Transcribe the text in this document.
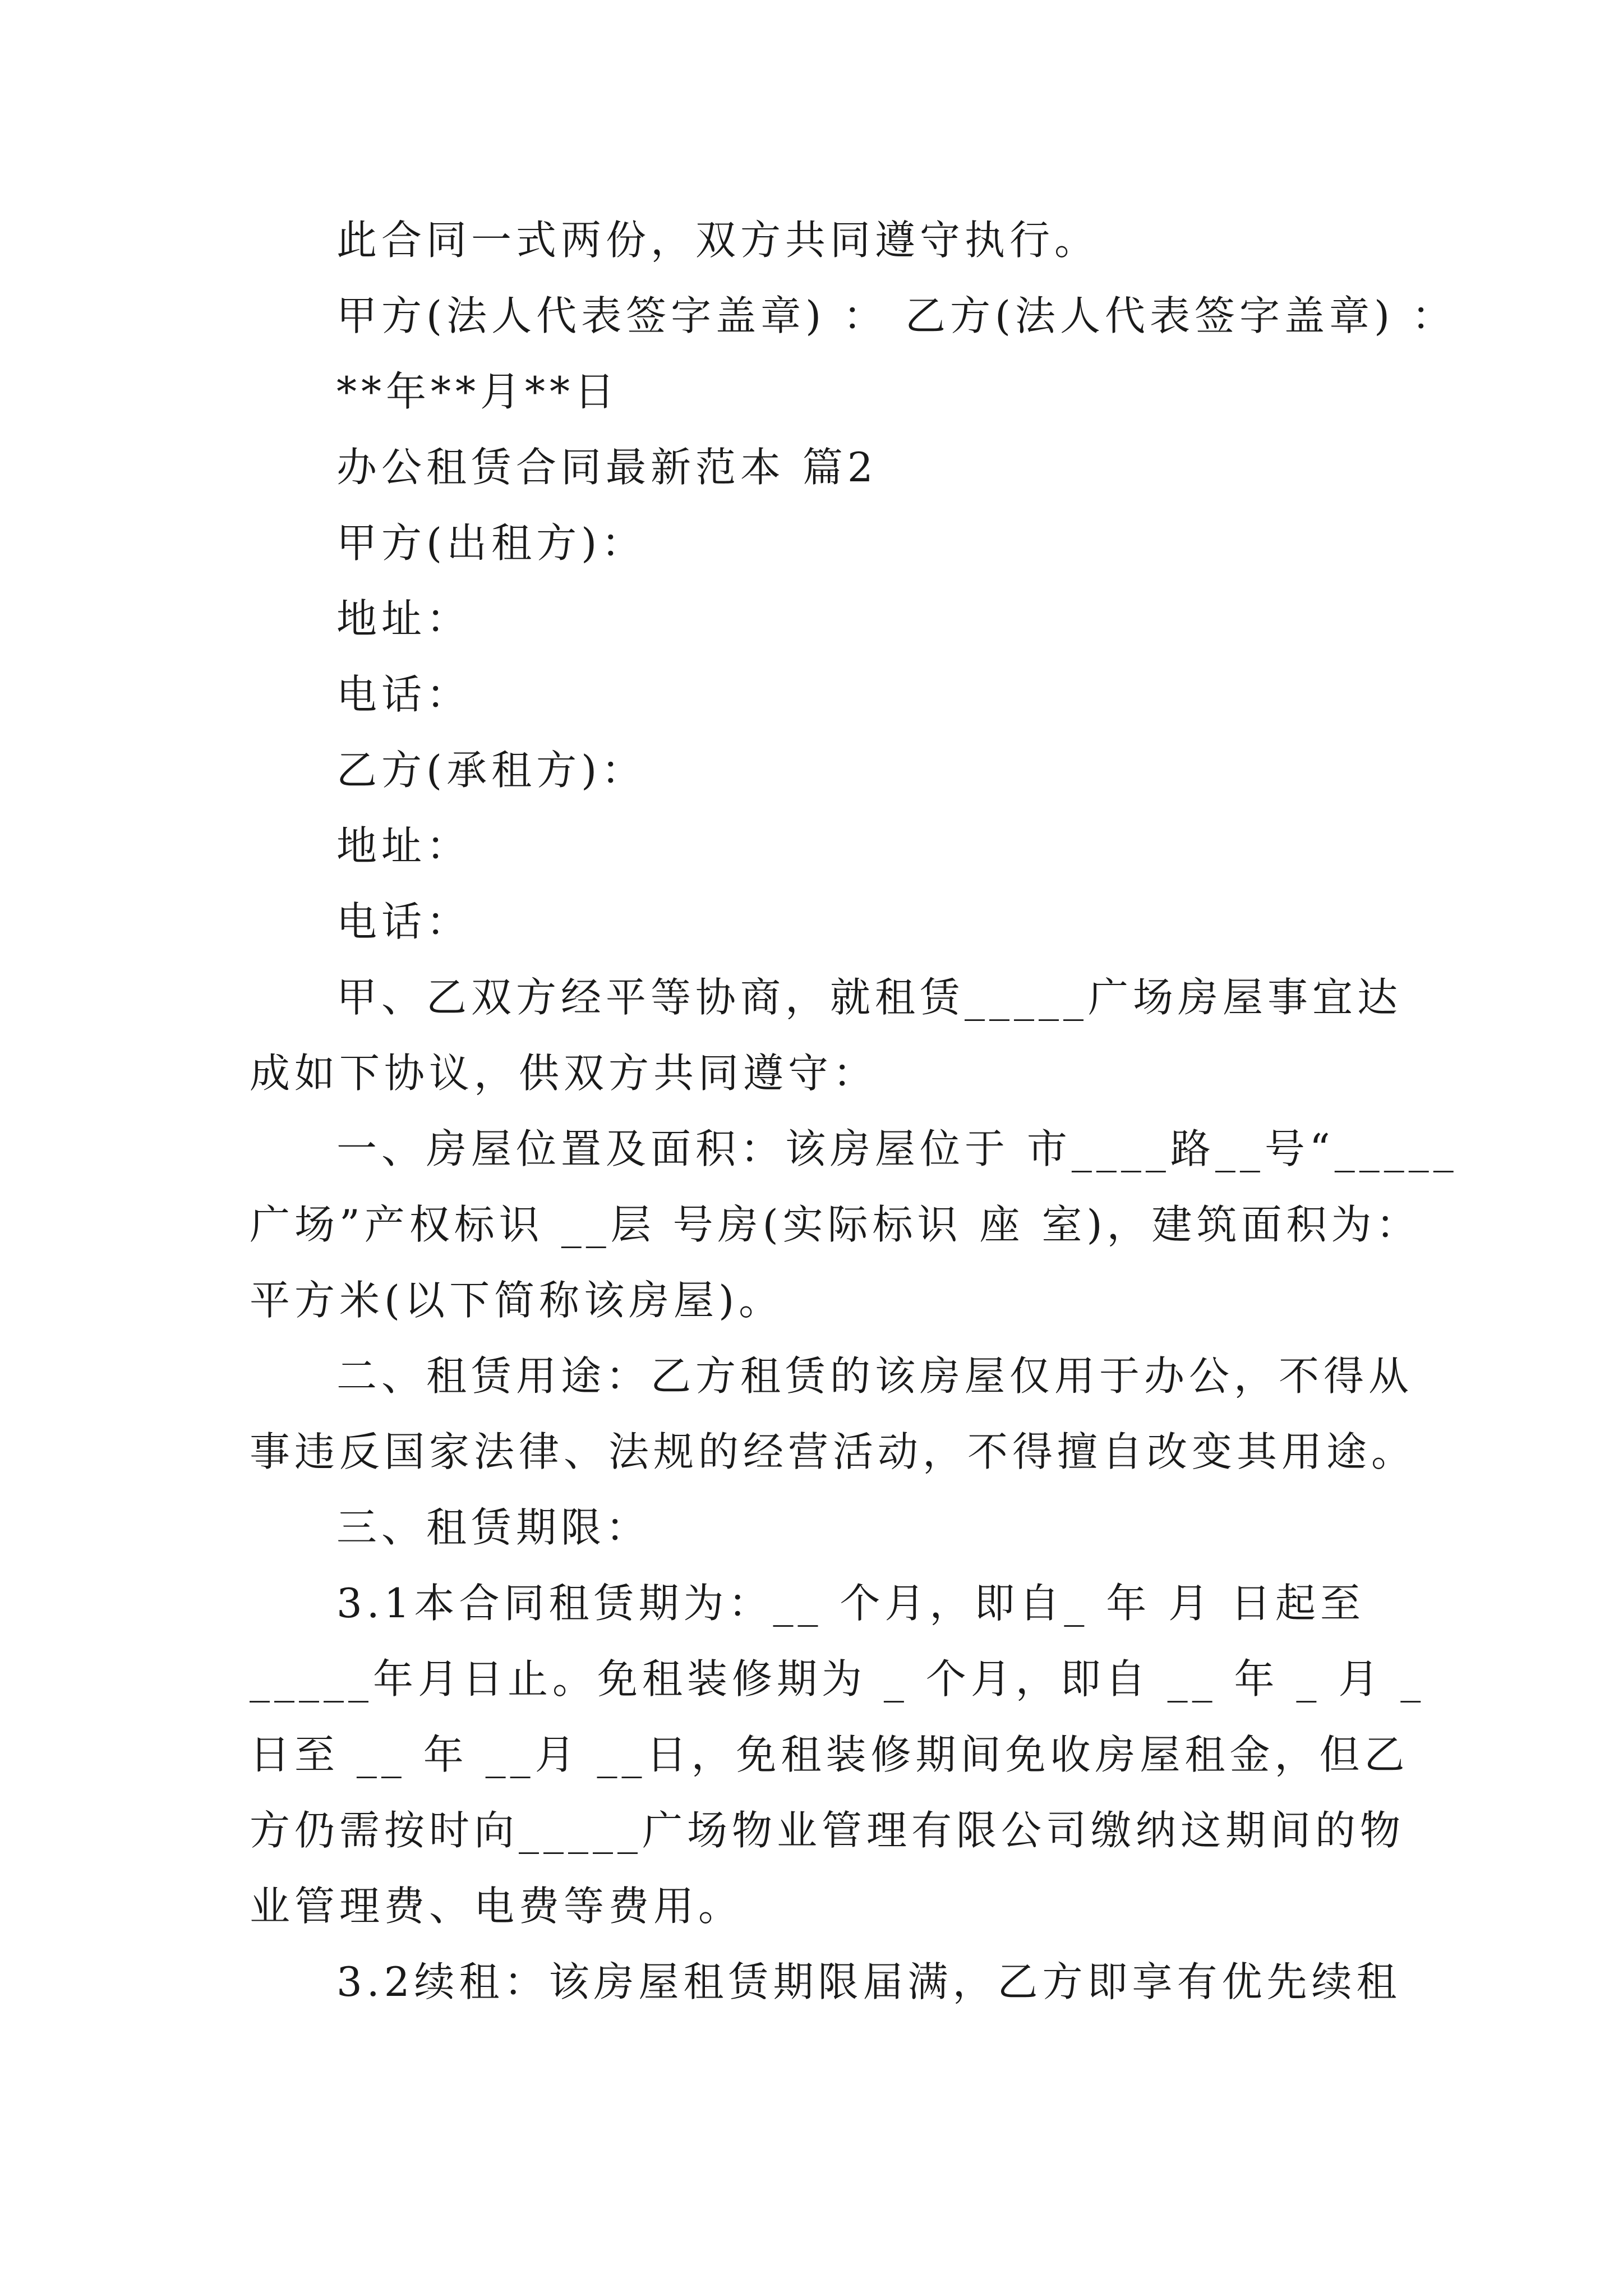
此合同一式两份，双方共同遵守执行。
甲方(法人代表签字盖章) ： 乙方(法人代表签字盖章) ：
**年**月**日
办公租赁合同最新范本 篇2
甲方(出租方)：
地址：
电话：
乙方(承租方)：
地址：
电话：
甲、乙双方经平等协商，就租赁_____广场房屋事宜达
成如下协议，供双方共同遵守：
一、房屋位置及面积：该房屋位于 市____路__号“_____
广场”产权标识 __层 号房(实际标识 座 室)，建筑面积为：
平方米(以下简称该房屋)。
二、租赁用途：乙方租赁的该房屋仅用于办公，不得从
事违反国家法律、法规的经营活动，不得擅自改变其用途。
三、租赁期限：
3.1本合同租赁期为：__ 个月，即自_ 年 月 日起至
_____年月日止。免租装修期为 _ 个月，即自 __ 年 _ 月 _
日至 __ 年 __月 __日，免租装修期间免收房屋租金，但乙
方仍需按时向_____广场物业管理有限公司缴纳这期间的物
业管理费、电费等费用。
3.2续租：该房屋租赁期限届满，乙方即享有优先续租
